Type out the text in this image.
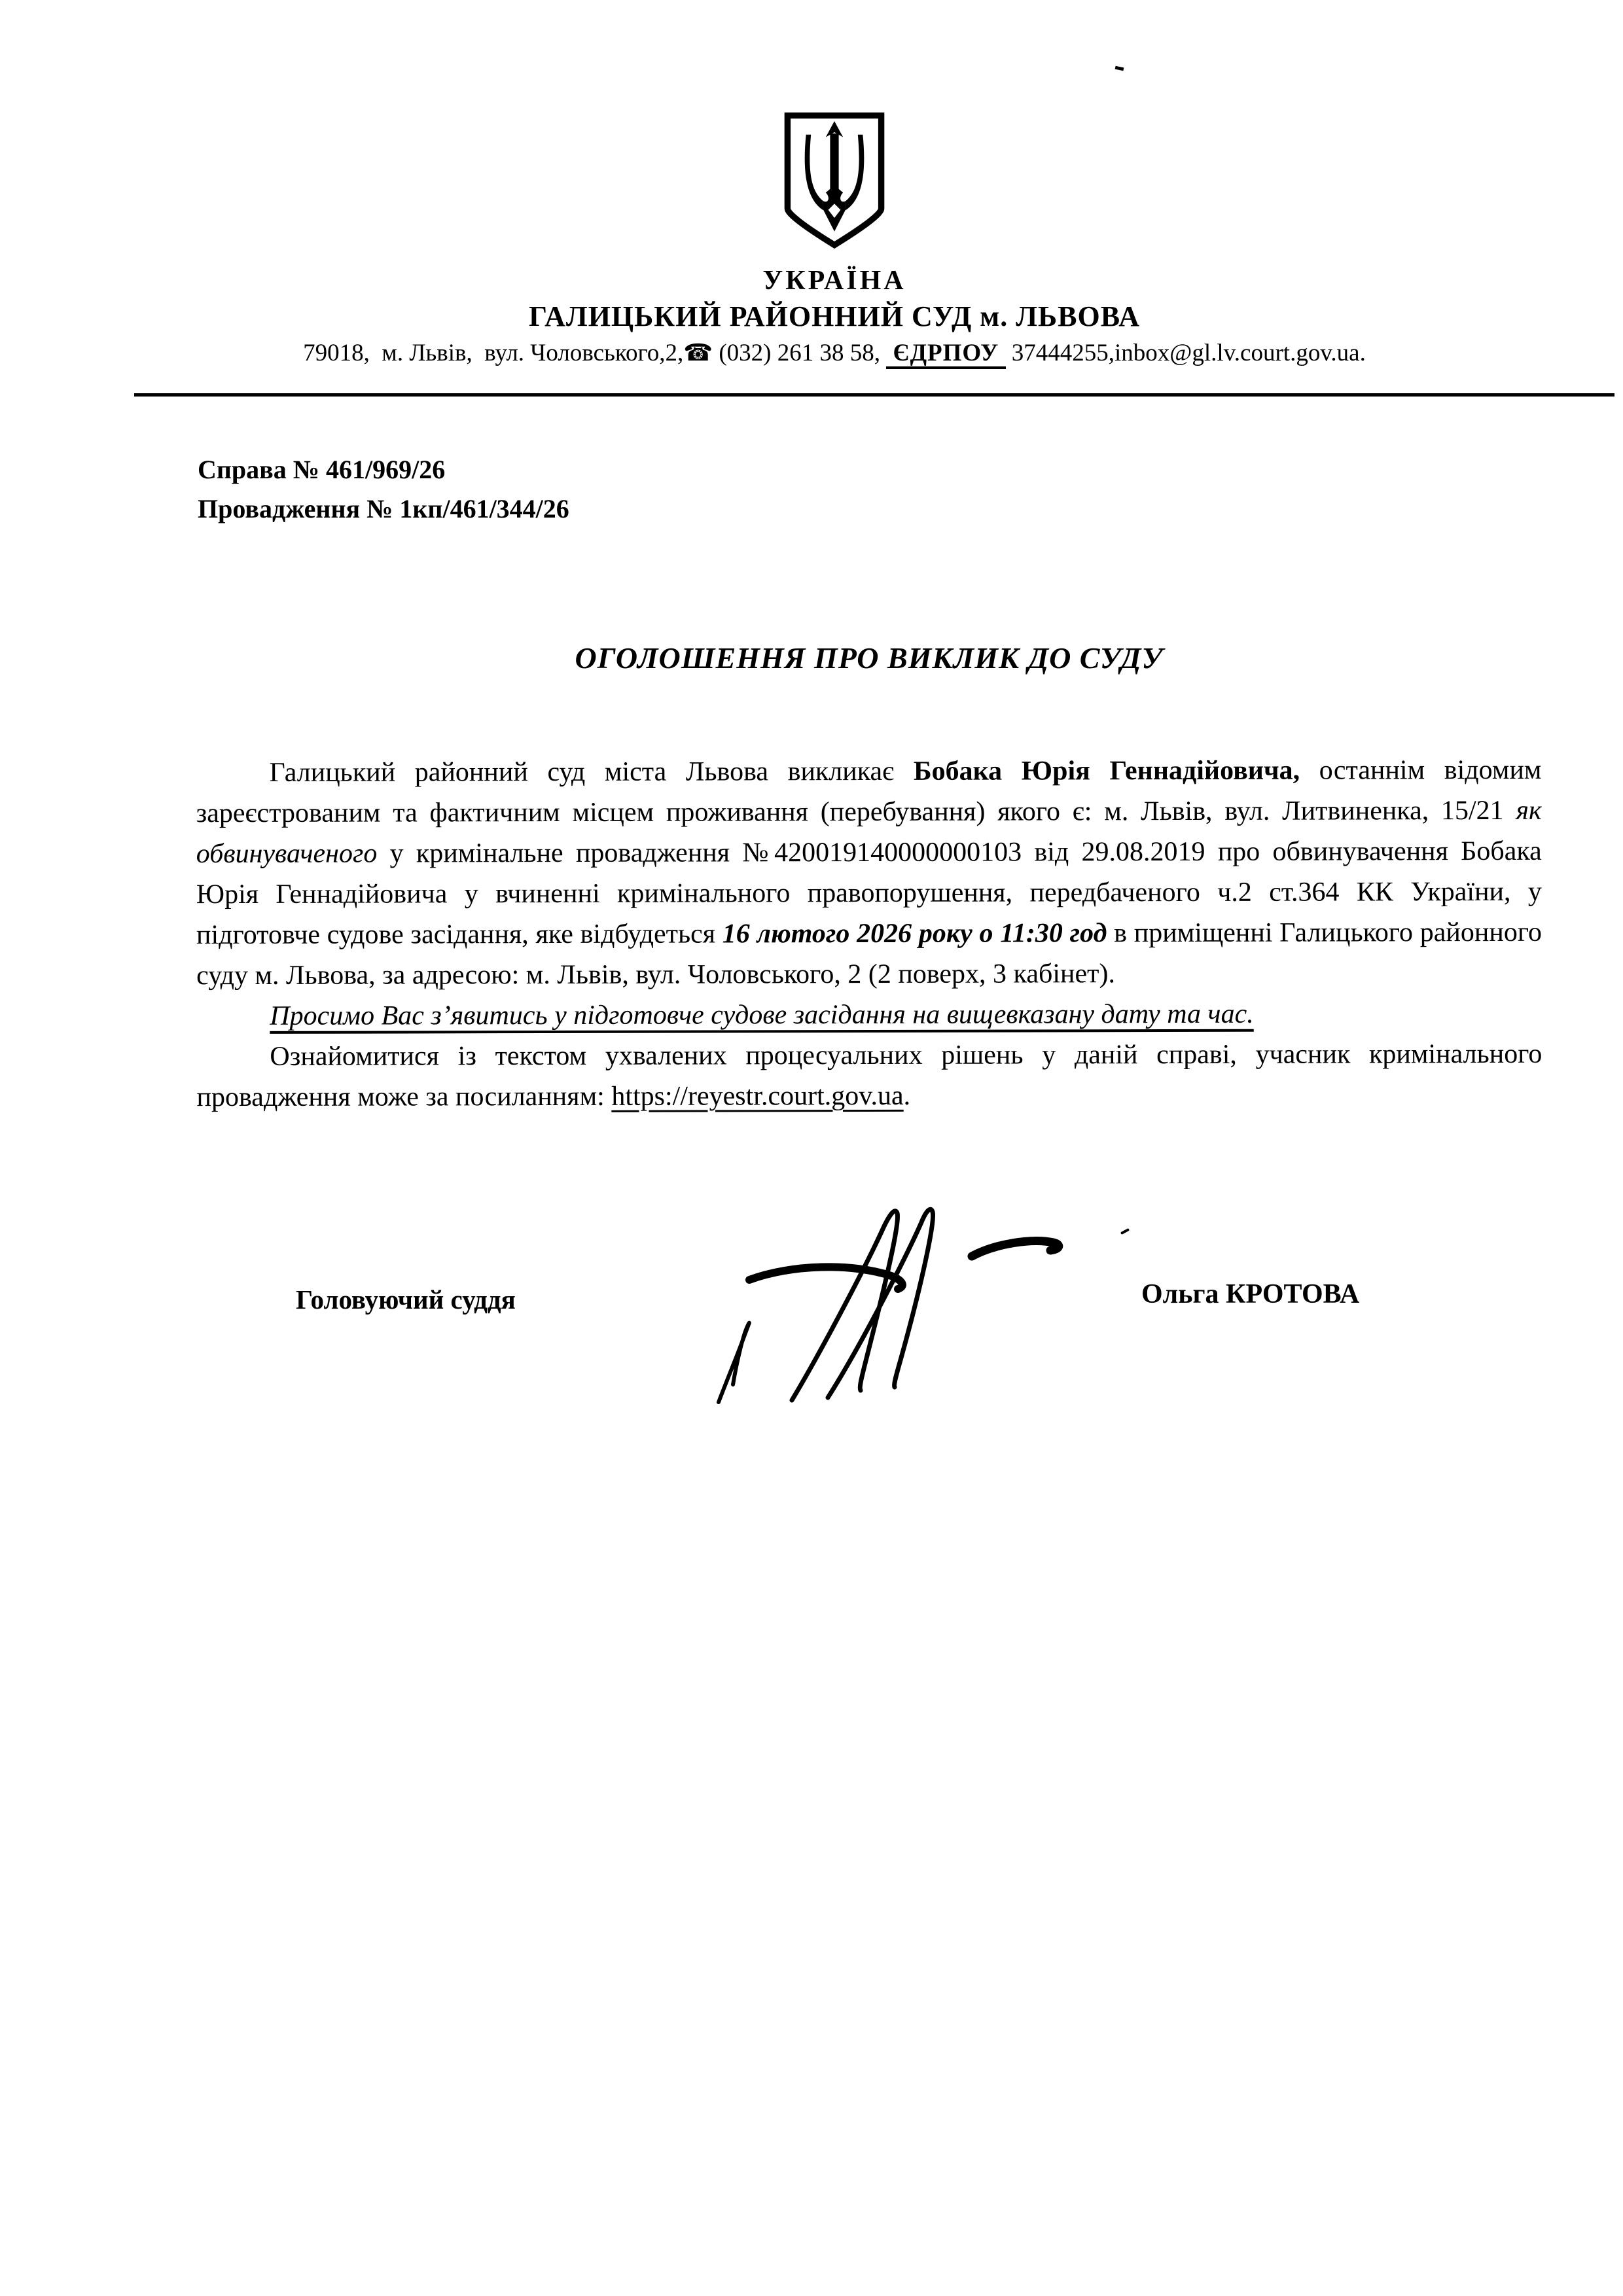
УКРАЇНА
ГАЛИЦЬКИЙ РАЙОННИЙ СУД м. ЛЬВОВА
79018,  м. Львів,  вул. Чоловського,2,☎ (032) 261 38 58,  ЄДРПОУ  37444255,inbox@gl.lv.court.gov.ua.
Справа № 461/969/26
Провадження № 1кп/461/344/26
ОГОЛОШЕННЯ ПРО ВИКЛИК ДО СУДУ

Галицький районний суд міста Львова викликає Бобака Юрія Геннадійовича, останнім відомим зареєстрованим та фактичним місцем проживання (перебування) якого є: м. Львів, вул. Литвиненка, 15/21 як обвинуваченого у кримінальне провадження №420019140000000103 від 29.08.2019 про обвинувачення Бобака Юрія Геннадійовича у вчиненні кримінального правопорушення, передбаченого ч.2 ст.364 КК України, у підготовче судове засідання, яке відбудеться 16 лютого 2026 року о 11:30 год в приміщенні Галицького районного суду м. Львова, за адресою: м. Львів, вул. Чоловського, 2 (2 поверх, 3 кабінет).

Просимо Вас з’явитись у підготовче судове засідання на вищевказану дату та час.

Ознайомитися із текстом ухвалених процесуальних рішень у даній справі, учасник кримінального провадження може за посиланням: https://reyestr.court.gov.ua.

Головуючий суддя	Ольга КРОТОВА
